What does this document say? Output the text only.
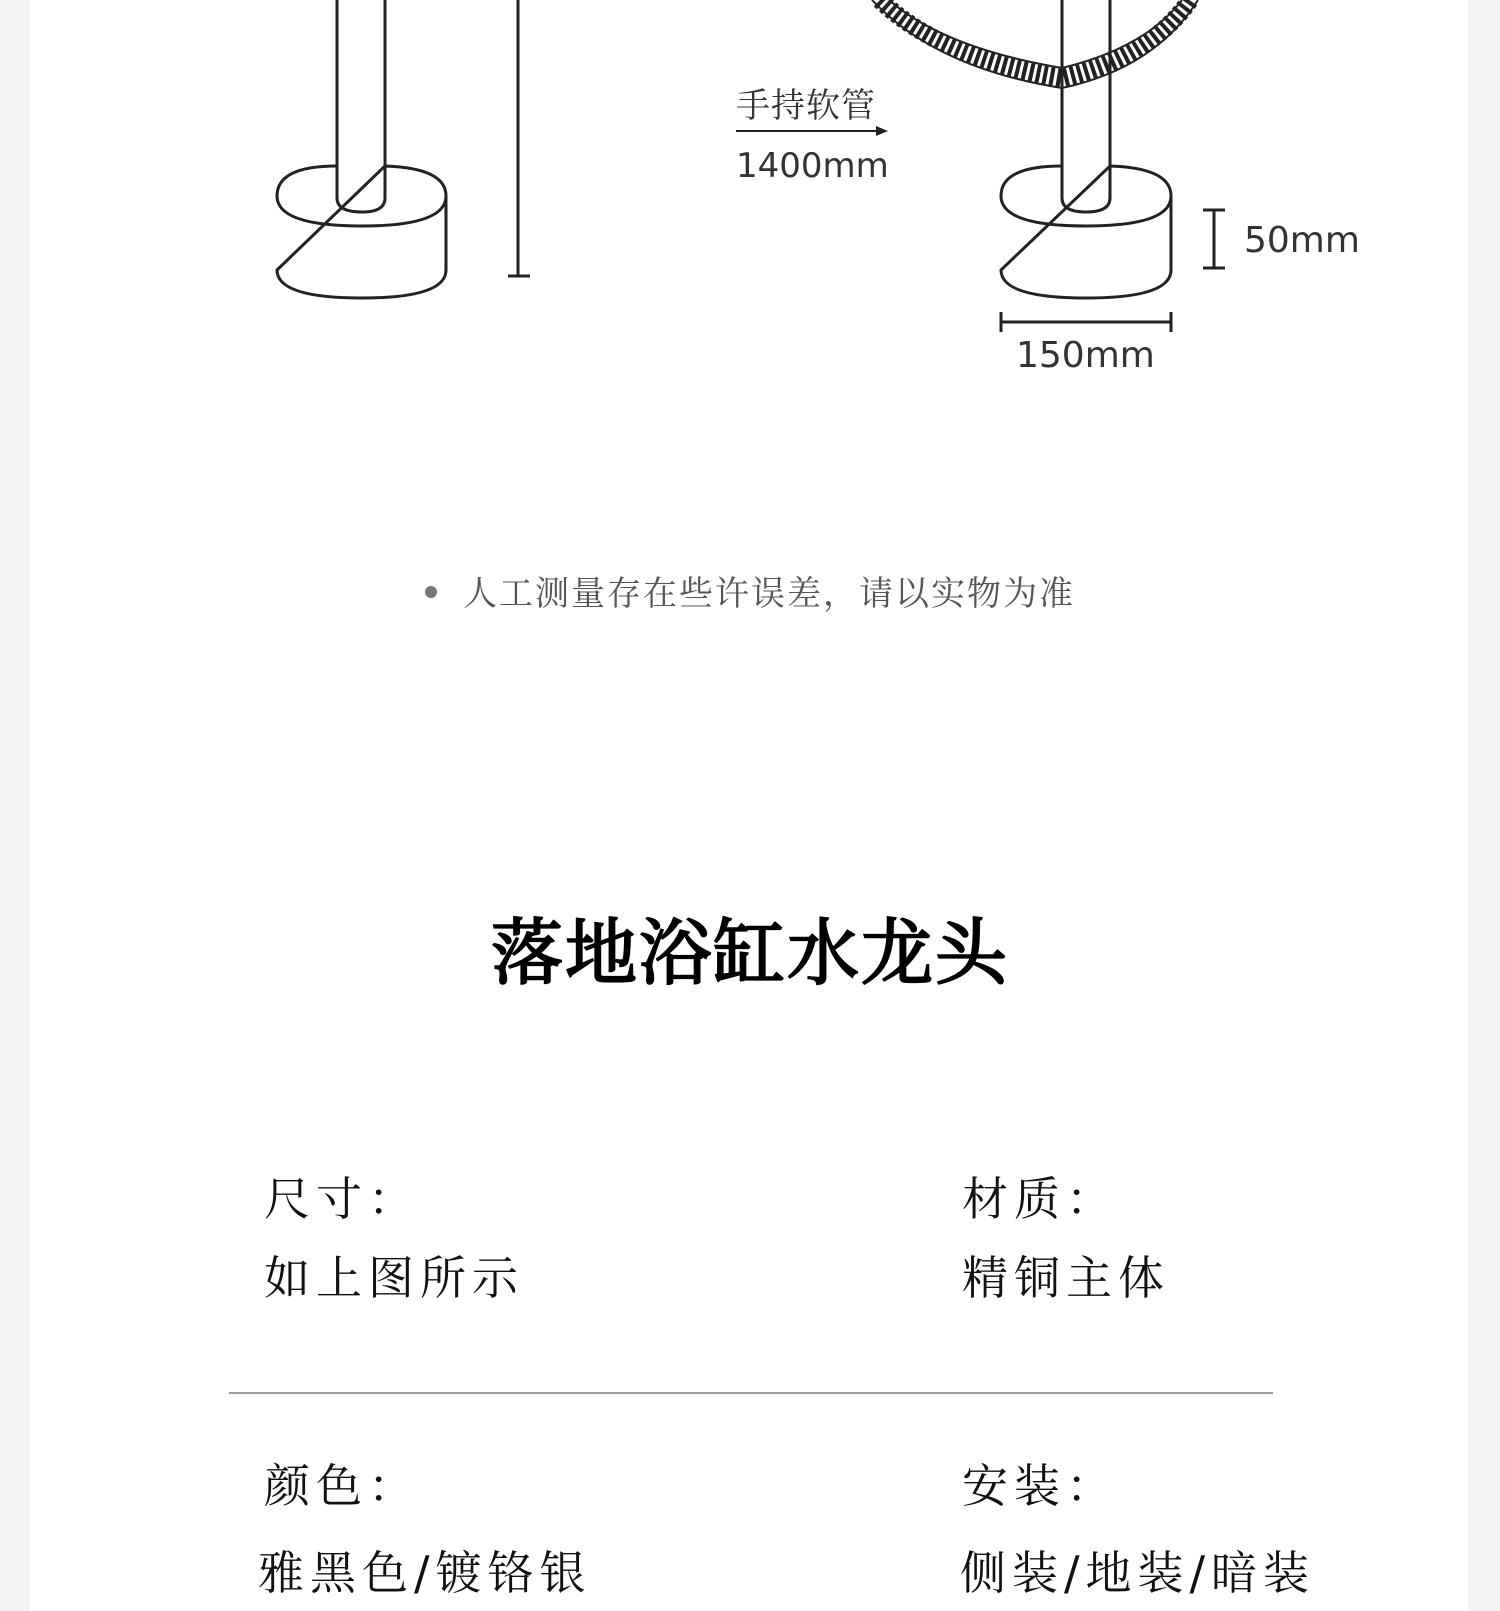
手持软管
1400mm
50mm
150mm
人工测量存在些许误差，请以实物为准
落地浴缸水龙头
尺寸：
如上图所示
材质：
精铜主体
颜色：
雅黑色/镀铬银
安装：
侧装/地装/暗装
